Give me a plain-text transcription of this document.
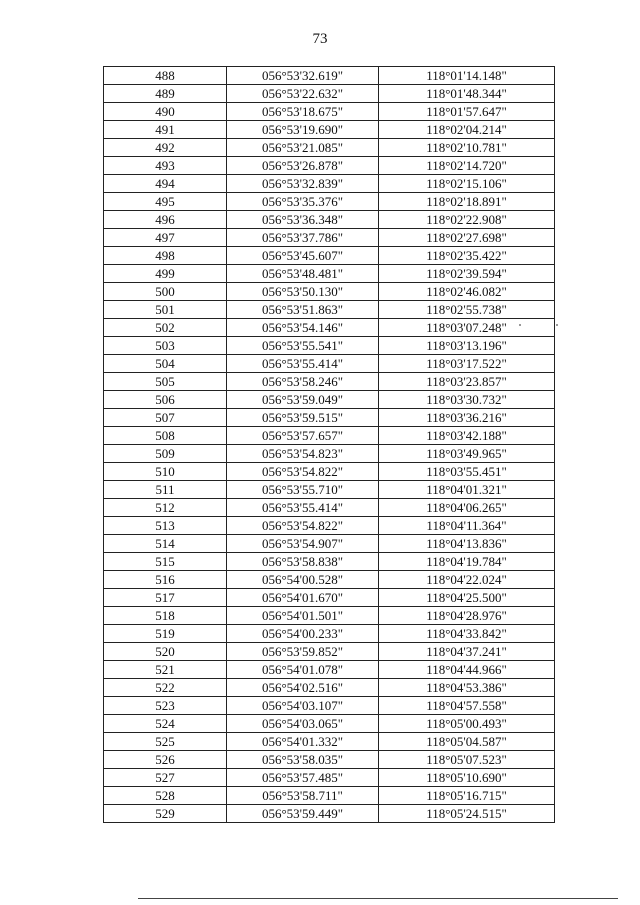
73
488	056°53'32.619"	118°01'14.148"
489	056°53'22.632"	118°01'48.344"
490	056°53'18.675"	118°01'57.647"
491	056°53'19.690"	118°02'04.214"
492	056°53'21.085"	118°02'10.781"
493	056°53'26.878"	118°02'14.720"
494	056°53'32.839"	118°02'15.106"
495	056°53'35.376"	118°02'18.891"
496	056°53'36.348"	118°02'22.908"
497	056°53'37.786"	118°02'27.698"
498	056°53'45.607"	118°02'35.422"
499	056°53'48.481"	118°02'39.594"
500	056°53'50.130"	118°02'46.082"
501	056°53'51.863"	118°02'55.738"
502	056°53'54.146"	118°03'07.248"
503	056°53'55.541"	118°03'13.196"
504	056°53'55.414"	118°03'17.522"
505	056°53'58.246"	118°03'23.857"
506	056°53'59.049"	118°03'30.732"
507	056°53'59.515"	118°03'36.216"
508	056°53'57.657"	118°03'42.188"
509	056°53'54.823"	118°03'49.965"
510	056°53'54.822"	118°03'55.451"
511	056°53'55.710"	118°04'01.321"
512	056°53'55.414"	118°04'06.265"
513	056°53'54.822"	118°04'11.364"
514	056°53'54.907"	118°04'13.836"
515	056°53'58.838"	118°04'19.784"
516	056°54'00.528"	118°04'22.024"
517	056°54'01.670"	118°04'25.500"
518	056°54'01.501"	118°04'28.976"
519	056°54'00.233"	118°04'33.842"
520	056°53'59.852"	118°04'37.241"
521	056°54'01.078"	118°04'44.966"
522	056°54'02.516"	118°04'53.386"
523	056°54'03.107"	118°04'57.558"
524	056°54'03.065"	118°05'00.493"
525	056°54'01.332"	118°05'04.587"
526	056°53'58.035"	118°05'07.523"
527	056°53'57.485"	118°05'10.690"
528	056°53'58.711"	118°05'16.715"
529	056°53'59.449"	118°05'24.515"
